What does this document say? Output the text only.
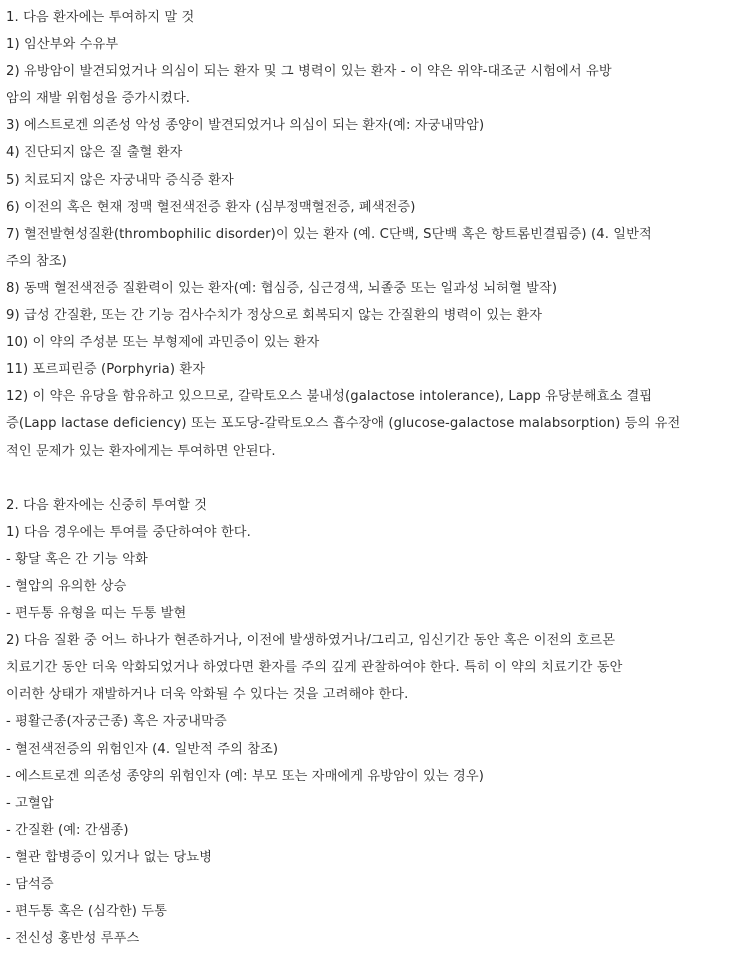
1. 다음 환자에는 투여하지 말 것
1) 임산부와 수유부
2) 유방암이 발견되었거나 의심이 되는 환자 및 그 병력이 있는 환자 - 이 약은 위약-대조군 시험에서 유방
암의 재발 위험성을 증가시켰다.
3) 에스트로겐 의존성 악성 종양이 발견되었거나 의심이 되는 환자(예: 자궁내막암)
4) 진단되지 않은 질 출혈 환자
5) 치료되지 않은 자궁내막 증식증 환자
6) 이전의 혹은 현재 정맥 혈전색전증 환자 (심부정맥혈전증, 폐색전증)
7) 혈전발현성질환(thrombophilic disorder)이 있는 환자 (예. C단백, S단백 혹은 항트롬빈결핍증) (4. 일반적
주의 참조)
8) 동맥 혈전색전증 질환력이 있는 환자(예: 협심증, 심근경색, 뇌졸중 또는 일과성 뇌허혈 발작)
9) 급성 간질환, 또는 간 기능 검사수치가 정상으로 회복되지 않는 간질환의 병력이 있는 환자
10) 이 약의 주성분 또는 부형제에 과민증이 있는 환자
11) 포르피린증 (Porphyria) 환자
12) 이 약은 유당을 함유하고 있으므로, 갈락토오스 불내성(galactose intolerance), Lapp 유당분해효소 결핍
증(Lapp lactase deficiency) 또는 포도당-갈락토오스 흡수장애 (glucose-galactose malabsorption) 등의 유전
적인 문제가 있는 환자에게는 투여하면 안된다.
2. 다음 환자에는 신중히 투여할 것
1) 다음 경우에는 투여를 중단하여야 한다.
- 황달 혹은 간 기능 악화
- 혈압의 유의한 상승
- 편두통 유형을 띠는 두통 발현
2) 다음 질환 중 어느 하나가 현존하거나, 이전에 발생하였거나/그리고, 임신기간 동안 혹은 이전의 호르몬
치료기간 동안 더욱 악화되었거나 하였다면 환자를 주의 깊게 관찰하여야 한다. 특히 이 약의 치료기간 동안
이러한 상태가 재발하거나 더욱 악화될 수 있다는 것을 고려해야 한다.
- 평활근종(자궁근종) 혹은 자궁내막증
- 혈전색전증의 위험인자 (4. 일반적 주의 참조)
- 에스트로겐 의존성 종양의 위험인자 (예: 부모 또는 자매에게 유방암이 있는 경우)
- 고혈압
- 간질환 (예: 간샘종)
- 혈관 합병증이 있거나 없는 당뇨병
- 담석증
- 편두통 혹은 (심각한) 두통
- 전신성 홍반성 루푸스
